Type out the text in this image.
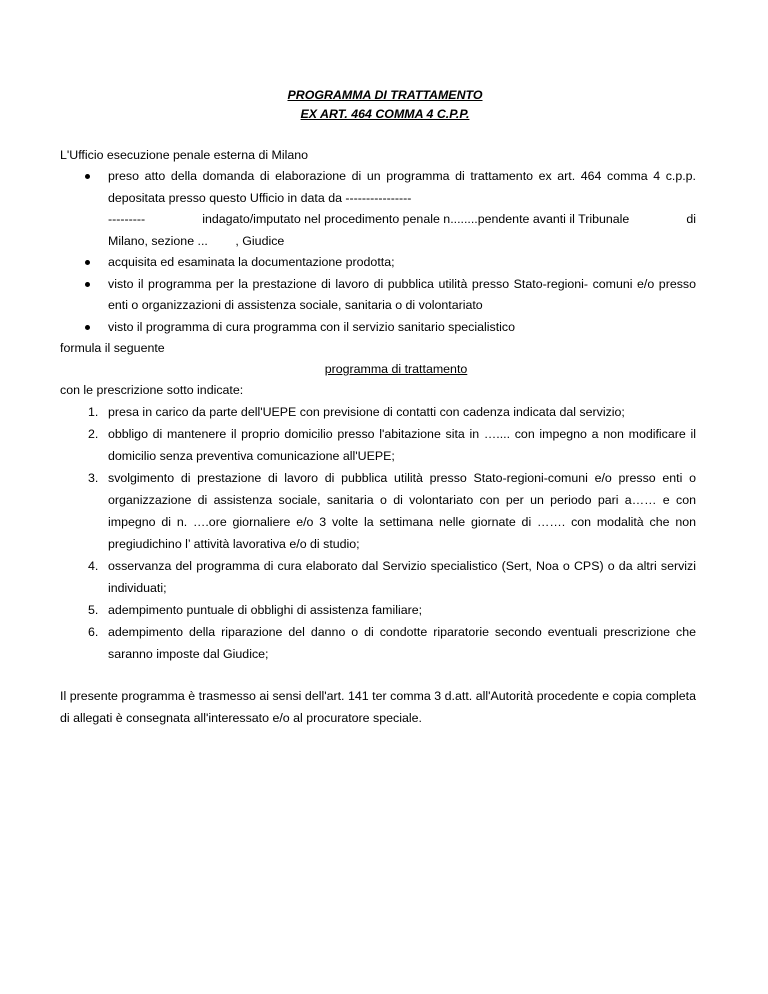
PROGRAMMA DI TRATTAMENTO
EX ART. 464 COMMA 4 C.P.P.
L'Ufficio esecuzione penale esterna di Milano
preso atto della domanda di elaborazione di un programma di trattamento ex art. 464 comma 4 c.p.p. depositata presso questo Ufficio in data da ----------------
---------	indagato/imputato nel procedimento penale n........pendente avanti il Tribunale	di
Milano, sezione ...        , Giudice
acquisita ed esaminata la documentazione prodotta;
visto il programma per la prestazione di lavoro di pubblica utilità presso Stato-regioni- comuni e/o presso enti o organizzazioni di assistenza sociale, sanitaria o di volontariato
visto il programma di cura programma con il servizio sanitario specialistico
formula il seguente
programma di trattamento
con le prescrizione sotto indicate:
1. presa in carico da parte dell'UEPE con previsione di contatti con cadenza indicata dal servizio;
2. obbligo di mantenere il proprio domicilio presso l'abitazione sita in ….... con impegno a non modificare il domicilio senza preventiva comunicazione all'UEPE;
3. svolgimento di prestazione di lavoro di pubblica utilità presso Stato-regioni-comuni e/o presso enti o organizzazione di assistenza sociale, sanitaria o di volontariato con per un periodo pari a…… e con impegno di n. ….ore giornaliere e/o 3 volte la settimana nelle giornate di ……. con modalità che non pregiudichino l’ attività lavorativa e/o di studio;
4. osservanza del programma di cura elaborato dal Servizio specialistico (Sert, Noa o CPS) o da altri servizi individuati;
5. adempimento puntuale di obblighi di assistenza familiare;
6. adempimento della riparazione del danno o di condotte riparatorie secondo eventuali prescrizione che saranno imposte dal Giudice;
Il presente programma è trasmesso ai sensi dell'art. 141 ter comma 3 d.att. all'Autorità procedente e copia completa di allegati è consegnata all'interessato e/o al procuratore speciale.
